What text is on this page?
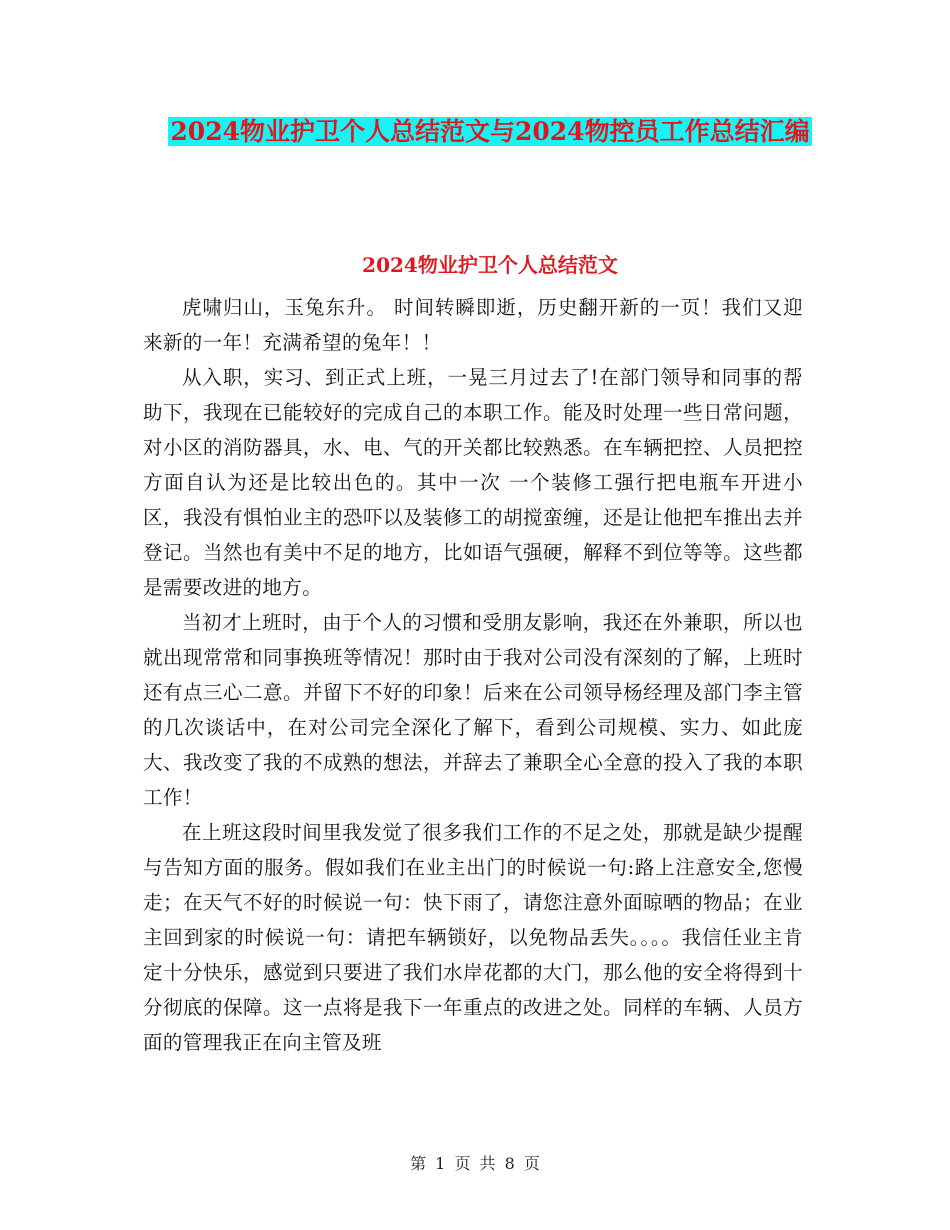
2024物业护卫个人总结范文与2024物控员工作总结汇编
2024物业护卫个人总结范文

虎啸归山，玉兔东升。 时间转瞬即逝，历史翻开新的一页！我们又迎来新的一年！充满希望的兔年！！

从入职，实习、到正式上班，一晃三月过去了!在部门领导和同事的帮助下，我现在已能较好的完成自己的本职工作。能及时处理一些日常问题，对小区的消防器具，水、电、气的开关都比较熟悉。在车辆把控、人员把控方面自认为还是比较出色的。其中一次 一个装修工强行把电瓶车开进小区，我没有惧怕业主的恐吓以及装修工的胡搅蛮缠，还是让他把车推出去并登记。当然也有美中不足的地方，比如语气强硬，解释不到位等等。这些都是需要改进的地方。

当初才上班时，由于个人的习惯和受朋友影响，我还在外兼职，所以也就出现常常和同事换班等情况！那时由于我对公司没有深刻的了解，上班时还有点三心二意。并留下不好的印象！后来在公司领导杨经理及部门李主管的几次谈话中，在对公司完全深化了解下，看到公司规模、实力、如此庞大、我改变了我的不成熟的想法，并辞去了兼职全心全意的投入了我的本职工作！

在上班这段时间里我发觉了很多我们工作的不足之处，那就是缺少提醒与告知方面的服务。假如我们在业主出门的时候说一句:路上注意安全,您慢走；在天气不好的时候说一句：快下雨了，请您注意外面晾晒的物品；在业主回到家的时候说一句：请把车辆锁好，以免物品丢失。。。。我信任业主肯定十分快乐，感觉到只要进了我们水岸花都的大门，那么他的安全将得到十分彻底的保障。这一点将是我下一年重点的改进之处。同样的车辆、人员方面的管理我正在向主管及班

第 1 页 共 8 页
